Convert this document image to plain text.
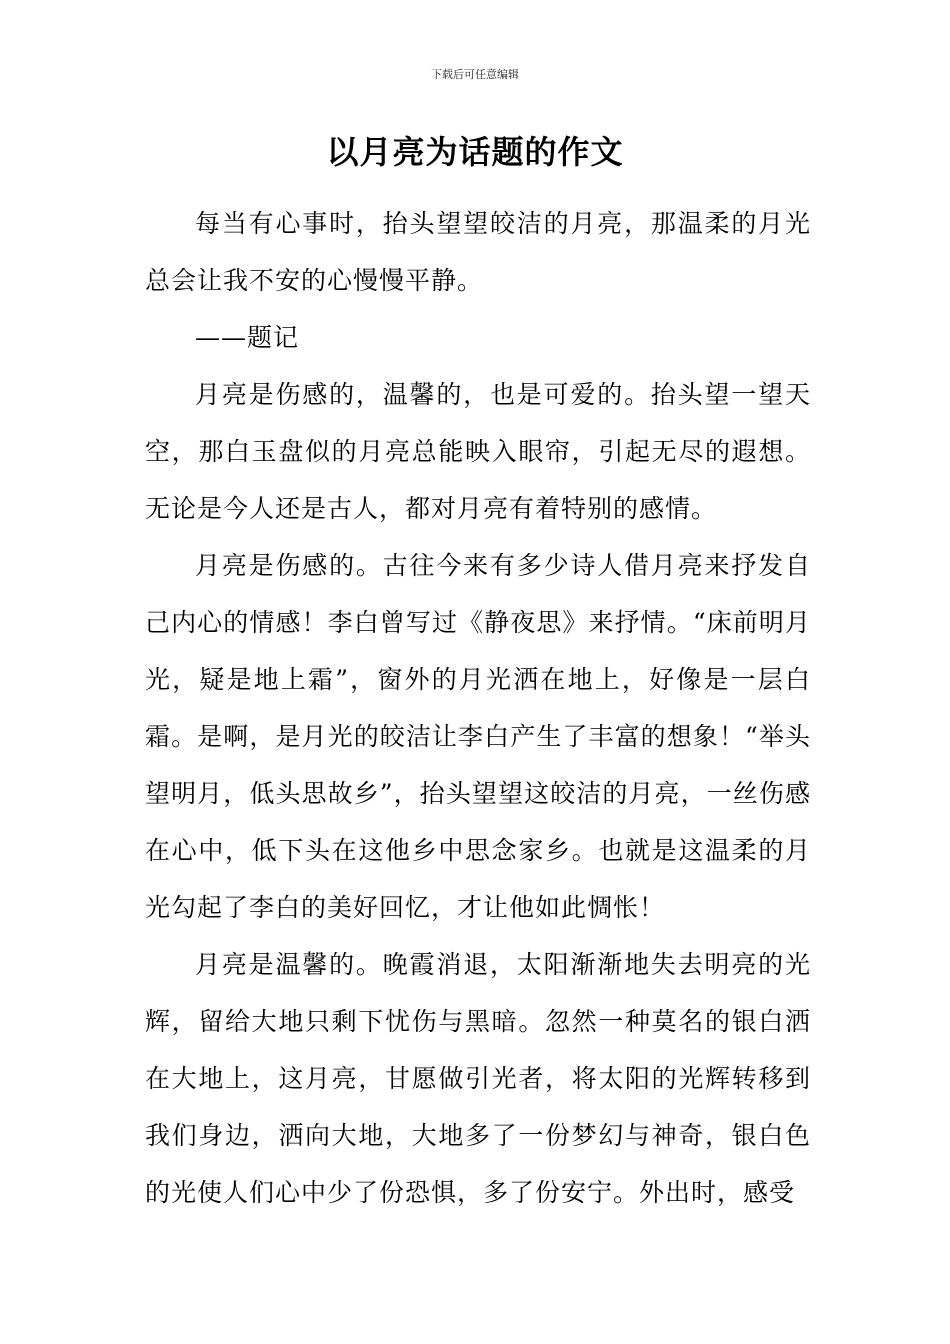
下载后可任意编辑
以月亮为话题的作文

每当有心事时，抬头望望皎洁的月亮，那温柔的月光总会让我不安的心慢慢平静。

——题记

月亮是伤感的，温馨的，也是可爱的。抬头望一望天空，那白玉盘似的月亮总能映入眼帘，引起无尽的遐想。无论是今人还是古人，都对月亮有着特别的感情。

月亮是伤感的。古往今来有多少诗人借月亮来抒发自己内心的情感！李白曾写过《静夜思》来抒情。“床前明月光，疑是地上霜”，窗外的月光洒在地上，好像是一层白霜。是啊，是月光的皎洁让李白产生了丰富的想象！“举头望明月，低头思故乡”，抬头望望这皎洁的月亮，一丝伤感在心中，低下头在这他乡中思念家乡。也就是这温柔的月光勾起了李白的美好回忆，才让他如此惆怅！

月亮是温馨的。晚霞消退，太阳渐渐地失去明亮的光辉，留给大地只剩下忧伤与黑暗。忽然一种莫名的银白洒在大地上，这月亮，甘愿做引光者，将太阳的光辉转移到我们身边，洒向大地，大地多了一份梦幻与神奇，银白色的光使人们心中少了份恐惧，多了份安宁。外出时，感受
